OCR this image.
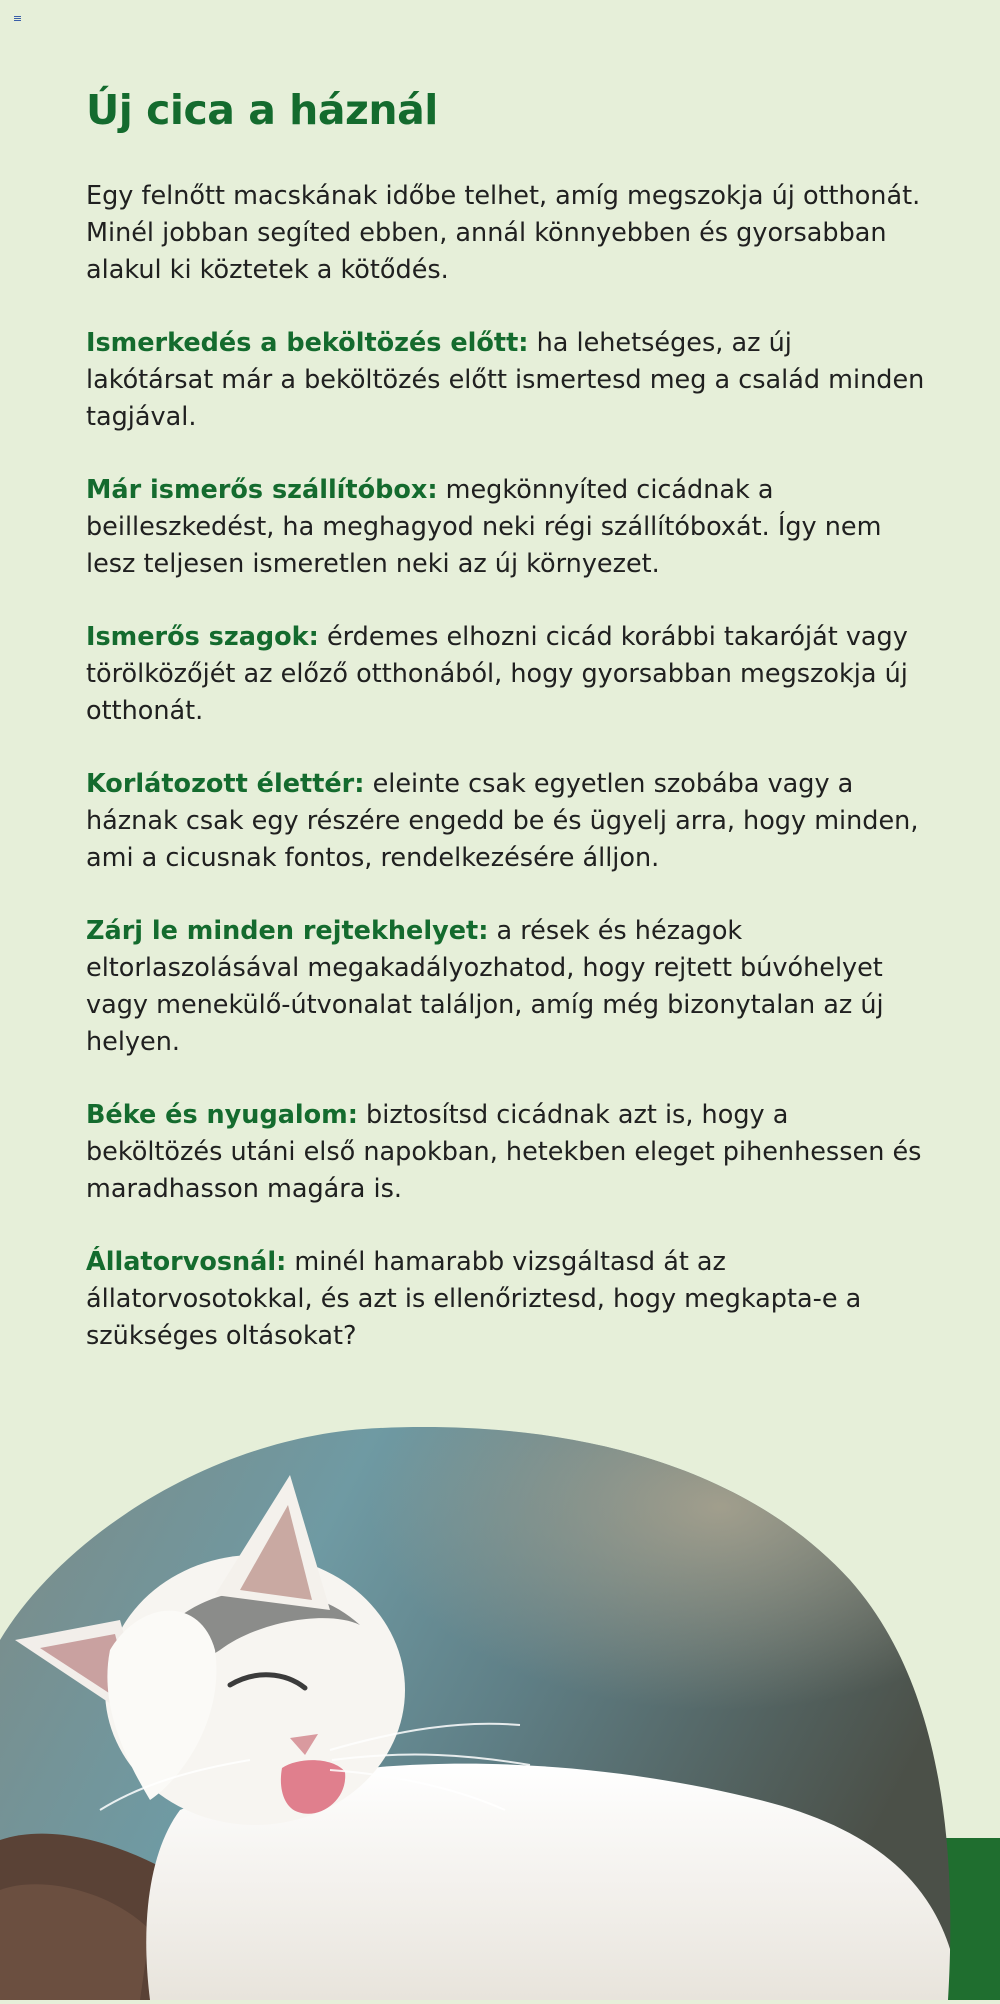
Új cica a háznál

Egy felnőtt macskának időbe telhet, amíg megszokja új otthonát. Minél jobban segíted ebben, annál könnyebben és gyorsabban alakul ki köztetek a kötődés.

Ismerkedés a beköltözés előtt: ha lehetséges, az új lakótársat már a beköltözés előtt ismertesd meg a család minden tagjával.

Már ismerős szállítóbox: megkönnyíted cicádnak a beilleszkedést, ha meghagyod neki régi szállítóboxát. Így nem lesz teljesen ismeretlen neki az új környezet.

Ismerős szagok: érdemes elhozni cicád korábbi takaróját vagy törölközőjét az előző otthonából, hogy gyorsabban megszokja új otthonát.

Korlátozott élettér: eleinte csak egyetlen szobába vagy a háznak csak egy részére engedd be és ügyelj arra, hogy minden, ami a cicusnak fontos, rendelkezésére álljon.

Zárj le minden rejtekhelyet: a rések és hézagok eltorlaszolásával megakadályozhatod, hogy rejtett búvóhelyet vagy menekülő-útvonalat találjon, amíg még bizonytalan az új helyen.

Béke és nyugalom: biztosítsd cicádnak azt is, hogy a beköltözés utáni első napokban, hetekben eleget pihenhessen és maradhasson magára is.

Állatorvosnál: minél hamarabb vizsgáltasd át az állatorvosotokkal, és azt is ellenőriztesd, hogy megkapta-e a szükséges oltásokat?
